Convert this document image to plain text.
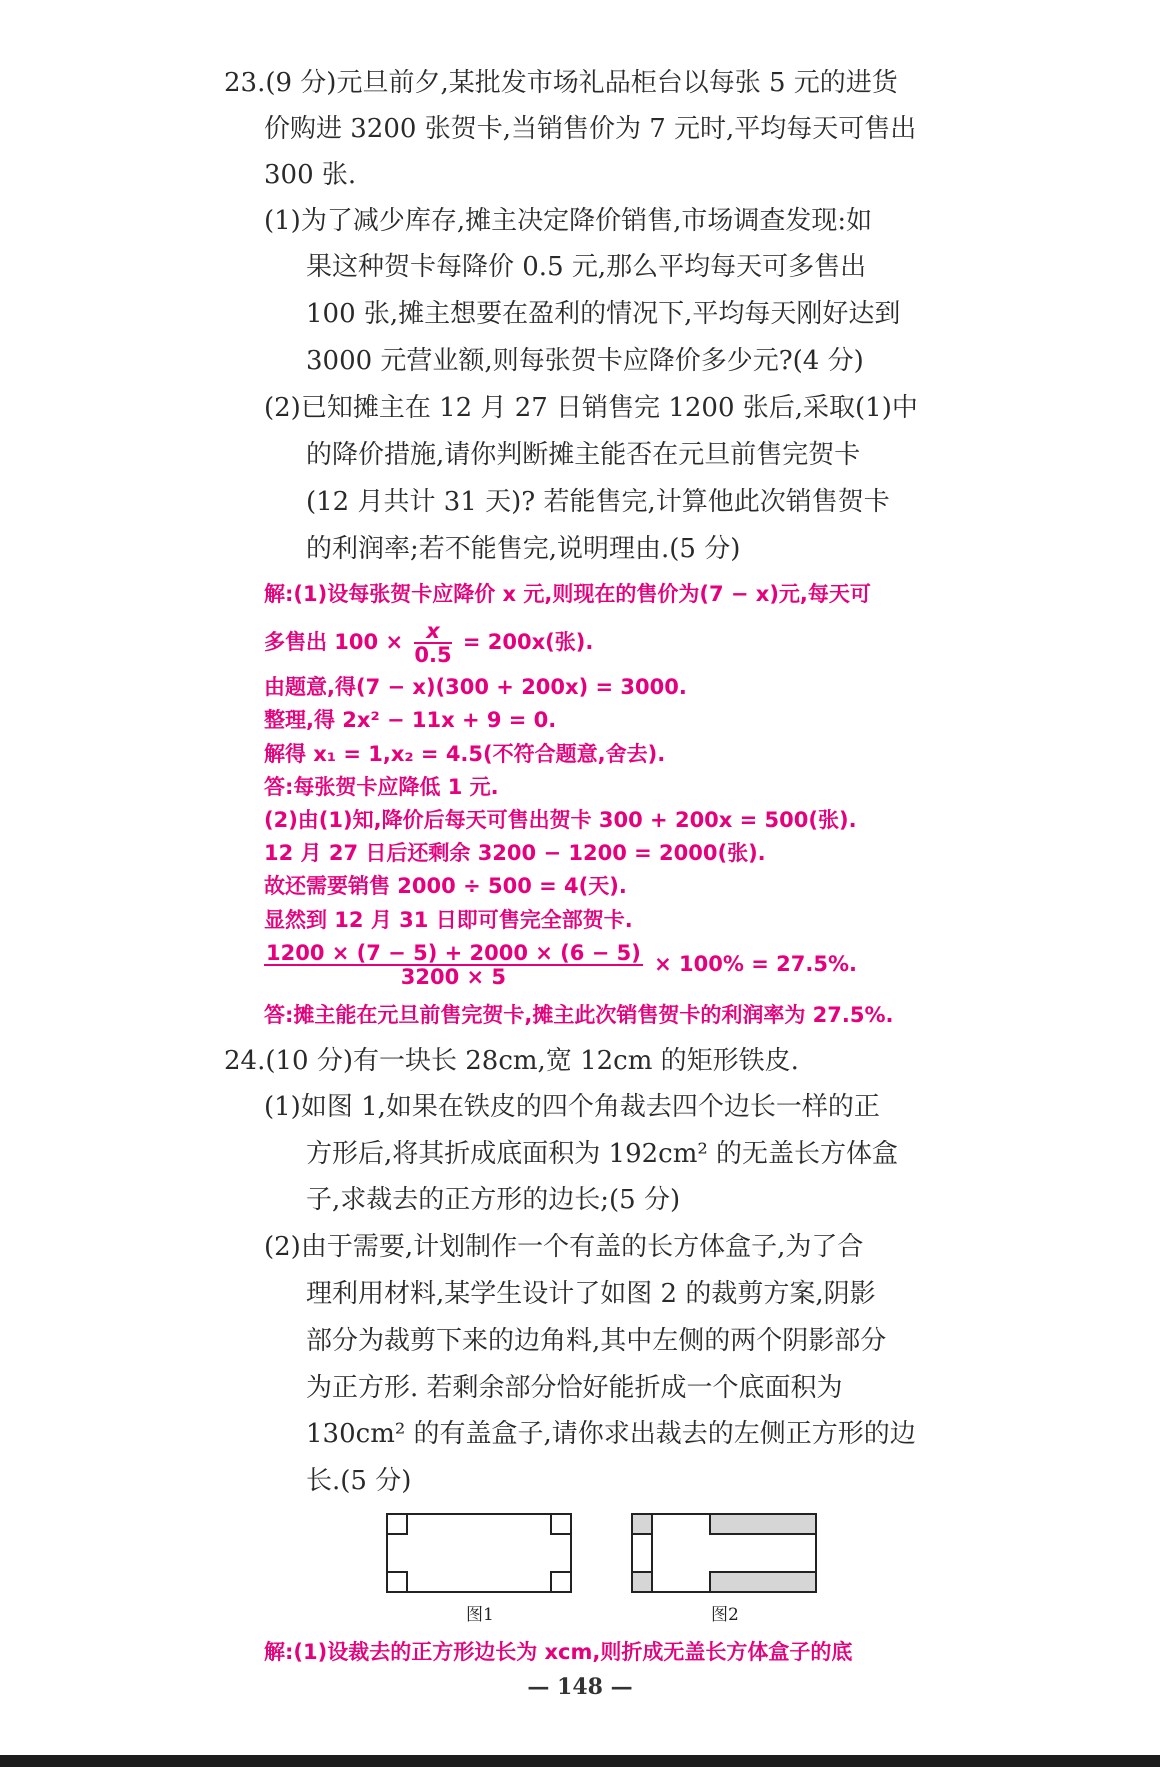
23.(9 分)元旦前夕,某批发市场礼品柜台以每张 5 元的进货
价购进 3200 张贺卡,当销售价为 7 元时,平均每天可售出
300 张.
(1)为了减少库存,摊主决定降价销售,市场调查发现:如
果这种贺卡每降价 0.5 元,那么平均每天可多售出
100 张,摊主想要在盈利的情况下,平均每天刚好达到
3000 元营业额,则每张贺卡应降价多少元?(4 分)
(2)已知摊主在 12 月 27 日销售完 1200 张后,采取(1)中
的降价措施,请你判断摊主能否在元旦前售完贺卡
(12 月共计 31 天)? 若能售完,计算他此次销售贺卡
的利润率;若不能售完,说明理由.(5 分)
解:(1)设每张贺卡应降价 x 元,则现在的售价为(7 − x)元,每天可
多售出 $100 \times \frac{x}{0.5} = 200x$(张).
由题意,得(7 − x)(300 + 200x) = 3000.
整理,得 2x² − 11x + 9 = 0.
解得 x₁ = 1,x₂ = 4.5(不符合题意,舍去).
答:每张贺卡应降低 1 元.
(2)由(1)知,降价后每天可售出贺卡 300 + 200x = 500(张).
12 月 27 日后还剩余 3200 − 1200 = 2000(张).
故还需要销售 2000 ÷ 500 = 4(天).
显然到 12 月 31 日即可售完全部贺卡.
$\frac{1200 \times (7 - 5) + 2000 \times (6 - 5)}{3200 \times 5} \times 100\% = 27.5\%$.
答:摊主能在元旦前售完贺卡,摊主此次销售贺卡的利润率为 27.5%.
24.(10 分)有一块长 28cm,宽 12cm 的矩形铁皮.
(1)如图 1,如果在铁皮的四个角裁去四个边长一样的正
方形后,将其折成底面积为 192cm² 的无盖长方体盒
子,求裁去的正方形的边长;(5 分)
(2)由于需要,计划制作一个有盖的长方体盒子,为了合
理利用材料,某学生设计了如图 2 的裁剪方案,阴影
部分为裁剪下来的边角料,其中左侧的两个阴影部分
为正方形. 若剩余部分恰好能折成一个底面积为
130cm² 的有盖盒子,请你求出裁去的左侧正方形的边
长.(5 分)
图1	图2
解:(1)设裁去的正方形边长为 xcm,则折成无盖长方体盒子的底
— 148 —
